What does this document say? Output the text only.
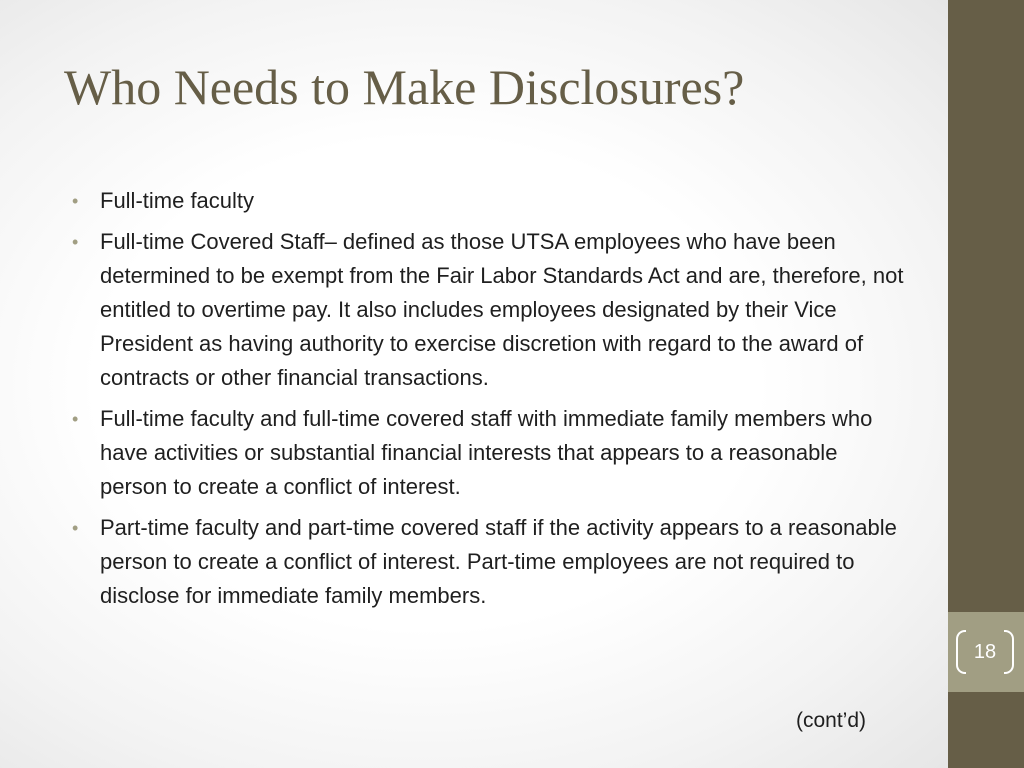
Who Needs to Make Disclosures?
• Full-time faculty
• Full-time Covered Staff– defined as those UTSA employees who have been determined to be exempt from the Fair Labor Standards Act and are, therefore, not entitled to overtime pay. It also includes employees designated by their Vice President as having authority to exercise discretion with regard to the award of contracts or other financial transactions.
• Full-time faculty and full-time covered staff with immediate family members who have activities or substantial financial interests that appears to a reasonable person to create a conflict of interest.
• Part-time faculty and part-time covered staff if the activity appears to a reasonable person to create a conflict of interest. Part-time employees are not required to disclose for immediate family members.

(cont’d)

18
